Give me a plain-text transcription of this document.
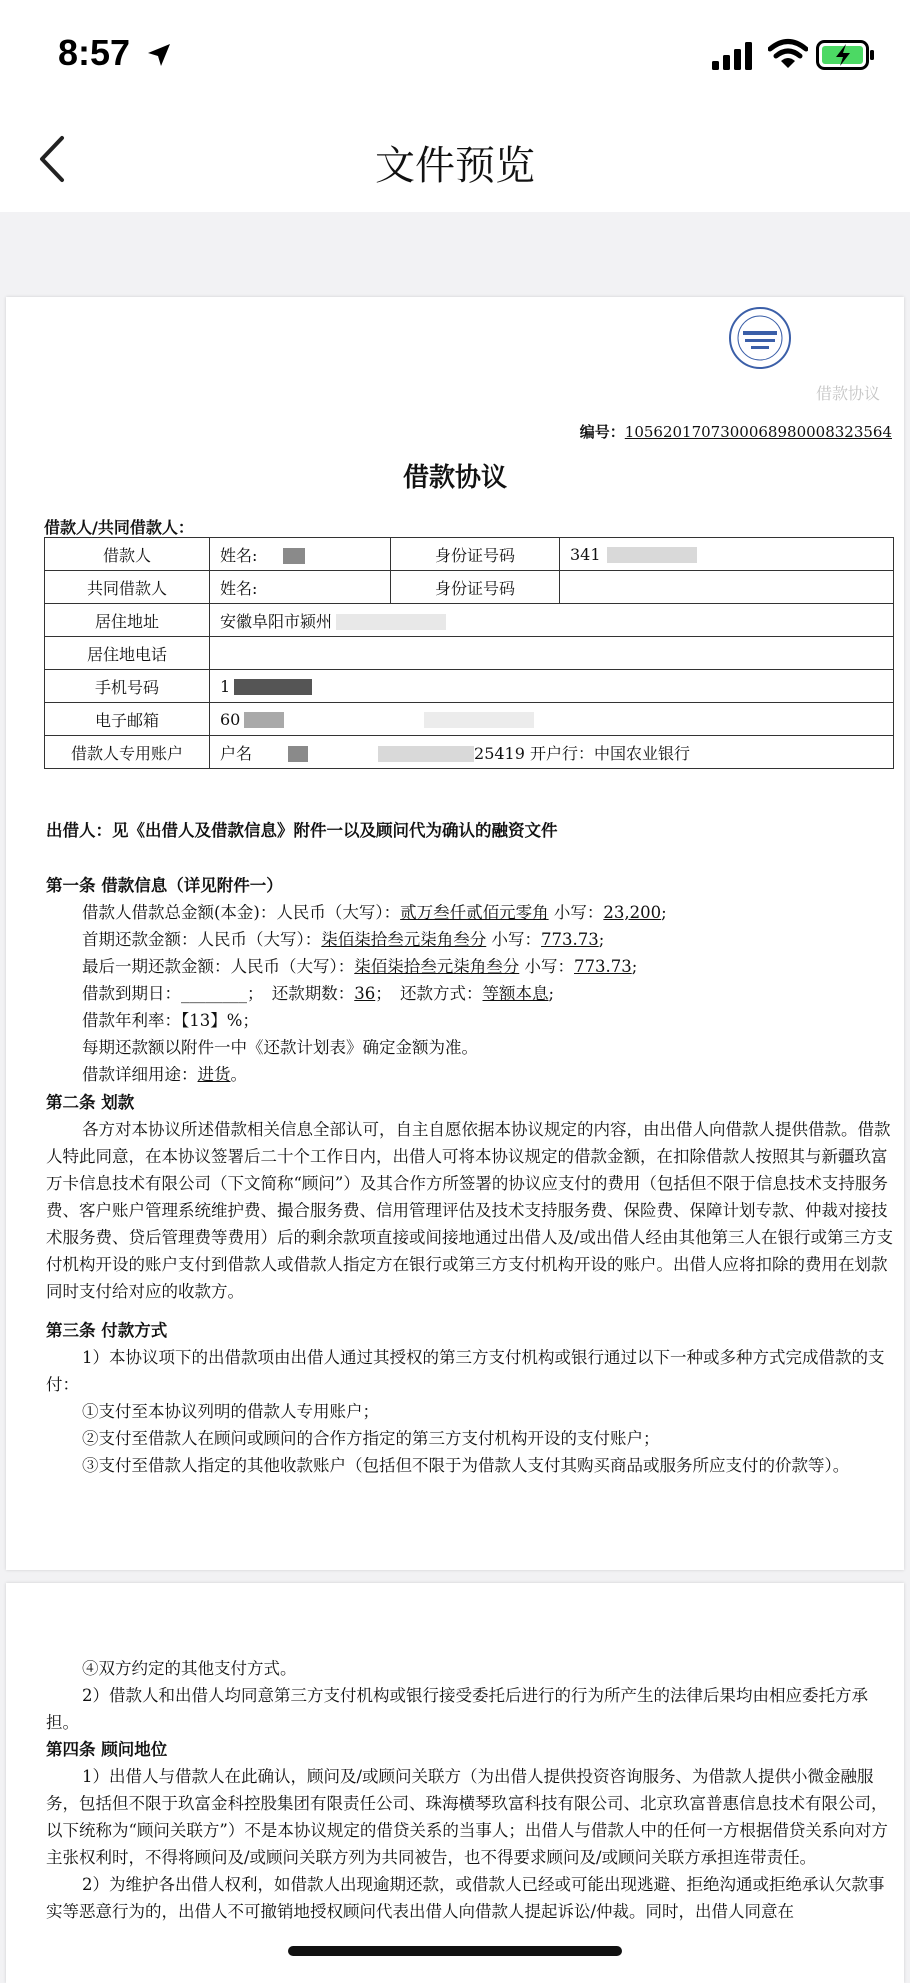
8:57
文件预览
借款协议
编号：1056201707300068980008323564
借款协议
借款人/共同借款人：
借款人	姓名:	身份证号码	341
共同借款人	姓名:	身份证号码	
居住地址	安徽阜阳市颍州		
居住地电话			
手机号码	1		
电子邮箱	60		
借款人专用账户	户名 25419 开户行：中国农业银行		

出借人：见《出借人及借款信息》附件一以及顾问代为确认的融资文件

第一条 借款信息（详见附件一）

借款人借款总金额(本金)：人民币（大写）：贰万叁仟贰佰元零角 小写：23,200;

首期还款金额：人民币（大写）：柒佰柒拾叁元柒角叁分 小写：773.73;

最后一期还款金额：人民币（大写）：柒佰柒拾叁元柒角叁分 小写：773.73;

借款到期日：________；　还款期数：36；　还款方式：等额本息;

借款年利率：【13】%；

每期还款额以附件一中《还款计划表》确定金额为准。

借款详细用途：进货。

第二条 划款

各方对本协议所述借款相关信息全部认可，自主自愿依据本协议规定的内容，由出借人向借款人提供借款。借款人特此同意，在本协议签署后二十个工作日内，出借人可将本协议规定的借款金额，在扣除借款人按照其与新疆玖富万卡信息技术有限公司（下文简称“顾问”）及其合作方所签署的协议应支付的费用（包括但不限于信息技术支持服务费、客户账户管理系统维护费、撮合服务费、信用管理评估及技术支持服务费、保险费、保障计划专款、仲裁对接技术服务费、贷后管理费等费用）后的剩余款项直接或间接地通过出借人及/或出借人经由其他第三人在银行或第三方支付机构开设的账户支付到借款人或借款人指定方在银行或第三方支付机构开设的账户。出借人应将扣除的费用在划款同时支付给对应的收款方。

第三条 付款方式

1）本协议项下的出借款项由出借人通过其授权的第三方支付机构或银行通过以下一种或多种方式完成借款的支付：

①支付至本协议列明的借款人专用账户；

②支付至借款人在顾问或顾问的合作方指定的第三方支付机构开设的支付账户；

③支付至借款人指定的其他收款账户（包括但不限于为借款人支付其购买商品或服务所应支付的价款等）。

④双方约定的其他支付方式。

2）借款人和出借人均同意第三方支付机构或银行接受委托后进行的行为所产生的法律后果均由相应委托方承担。

第四条 顾问地位

1）出借人与借款人在此确认，顾问及/或顾问关联方（为出借人提供投资咨询服务、为借款人提供小微金融服务，包括但不限于玖富金科控股集团有限责任公司、珠海横琴玖富科技有限公司、北京玖富普惠信息技术有限公司，以下统称为“顾问关联方”）不是本协议规定的借贷关系的当事人；出借人与借款人中的任何一方根据借贷关系向对方主张权利时，不得将顾问及/或顾问关联方列为共同被告，也不得要求顾问及/或顾问关联方承担连带责任。

2）为维护各出借人权利，如借款人出现逾期还款，或借款人已经或可能出现逃避、拒绝沟通或拒绝承认欠款事实等恶意行为的，出借人不可撤销地授权顾问代表出借人向借款人提起诉讼/仲裁。同时，出借人同意在
